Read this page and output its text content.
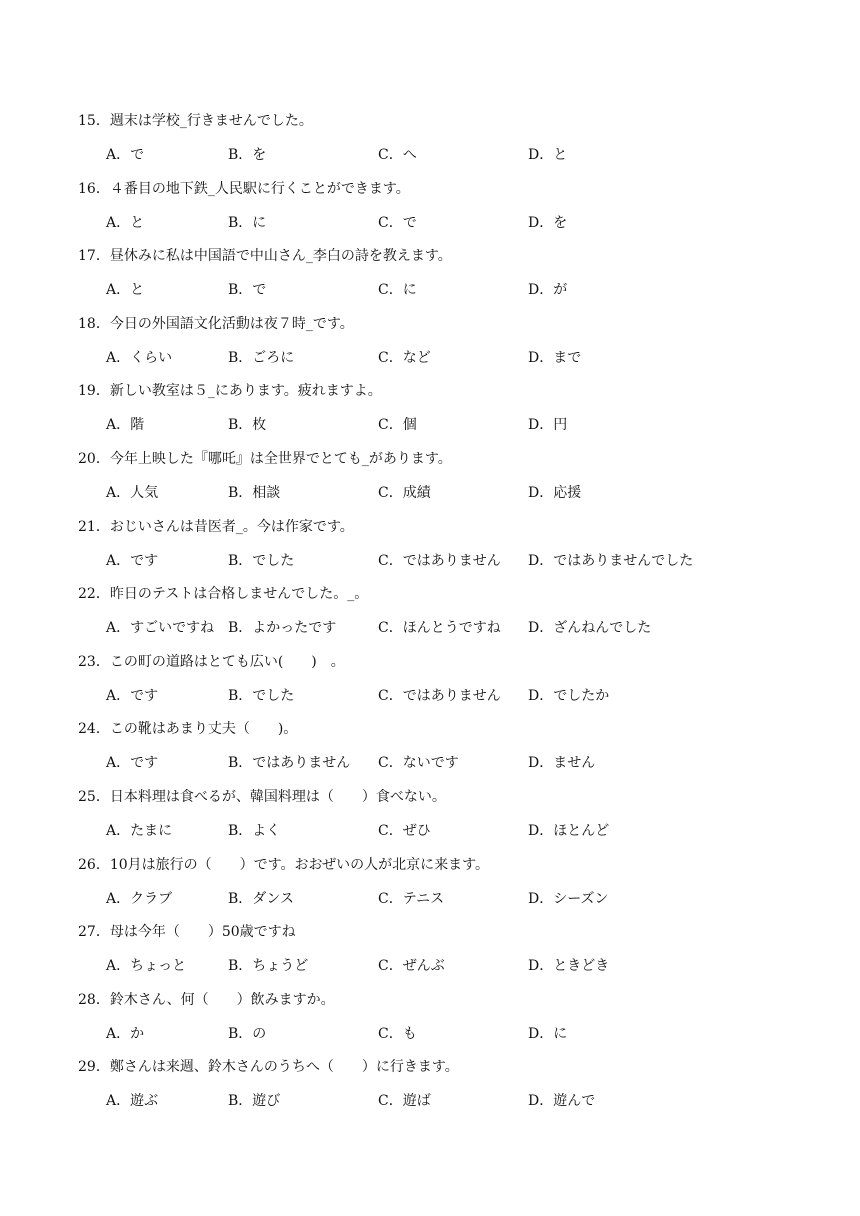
15．週末は学校_行きませんでした。
A．で	B．を	C．へ	D．と
16．４番目の地下鉄_人民駅に行くことができます。
A．と	B．に	C．で	D．を
17．昼休みに私は中国語で中山さん_李白の詩を教えます。
A．と	B．で	C．に	D．が
18．今日の外国語文化活動は夜７時_です。
A．くらい	B．ごろに	C．など	D．まで
19．新しい教室は５_にあります。疲れますよ。
A．階	B．枚	C．個	D．円
20．今年上映した『哪吒』は全世界でとても_があります。
A．人気	B．相談	C．成績	D．応援
21．おじいさんは昔医者_。今は作家です。
A．です	B．でした	C．ではありません D．ではありませんでした
22．昨日のテストは合格しませんでした。_。
A．すごいですね B．よかったです	C．ほんとうですね D．ざんねんでした
23．この町の道路はとても広い(　　)　。
A．です	B．でした	C．ではありません D．でしたか
24．この靴はあまり丈夫（　　)。
A．です	B．ではありません C．ないです	D．ません
25．日本料理は食べるが、韓国料理は（　　）食べない。
A．たまに	B．よく	C．ぜひ	D．ほとんど
26．10月は旅行の（　　）です。おおぜいの人が北京に来ます。
A．クラブ	B．ダンス	C．テニス	D．シーズン
27．母は今年（　　）50歳ですね
A．ちょっと	B．ちょうど	C．ぜんぶ	D．ときどき
28．鈴木さん、何（　　）飲みますか。
A．か	B．の	C．も	D．に
29．鄭さんは来週、鈴木さんのうちへ（　　）に行きます。
A．遊ぶ	B．遊び	C．遊ば	D．遊んで
